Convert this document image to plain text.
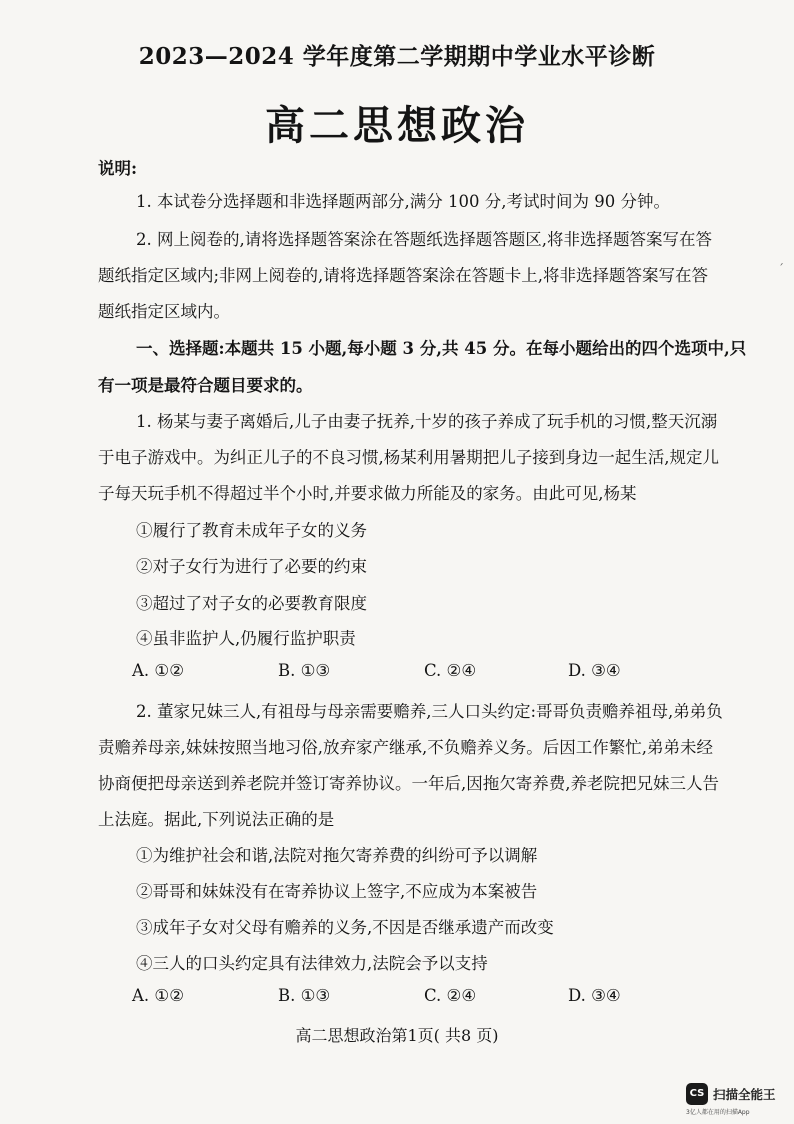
2023—2024 学年度第二学期期中学业水平诊断
高二思想政治
说明:
1. 本试卷分选择题和非选择题两部分,满分 100 分,考试时间为 90 分钟。
2. 网上阅卷的,请将选择题答案涂在答题纸选择题答题区,将非选择题答案写在答
题纸指定区域内;非网上阅卷的,请将选择题答案涂在答题卡上,将非选择题答案写在答
题纸指定区域内。
一、选择题:本题共 15 小题,每小题 3 分,共 45 分。在每小题给出的四个选项中,只
有一项是最符合题目要求的。
1. 杨某与妻子离婚后,儿子由妻子抚养,十岁的孩子养成了玩手机的习惯,整天沉溺
于电子游戏中。为纠正儿子的不良习惯,杨某利用暑期把儿子接到身边一起生活,规定儿
子每天玩手机不得超过半个小时,并要求做力所能及的家务。由此可见,杨某
①履行了教育未成年子女的义务
②对子女行为进行了必要的约束
③超过了对子女的必要教育限度
④虽非监护人,仍履行监护职责
A. ①②	B. ①③	C. ②④	D. ③④
2. 董家兄妹三人,有祖母与母亲需要赡养,三人口头约定:哥哥负责赡养祖母,弟弟负
责赡养母亲,妹妹按照当地习俗,放弃家产继承,不负赡养义务。后因工作繁忙,弟弟未经
协商便把母亲送到养老院并签订寄养协议。一年后,因拖欠寄养费,养老院把兄妹三人告
上法庭。据此,下列说法正确的是
①为维护社会和谐,法院对拖欠寄养费的纠纷可予以调解
②哥哥和妹妹没有在寄养协议上签字,不应成为本案被告
③成年子女对父母有赡养的义务,不因是否继承遗产而改变
④三人的口头约定具有法律效力,法院会予以支持
A. ①②	B. ①③	C. ②④	D. ③④
高二思想政治第1页( 共8 页)
ˊ
CS 扫描全能王
3亿人都在用的扫描App
